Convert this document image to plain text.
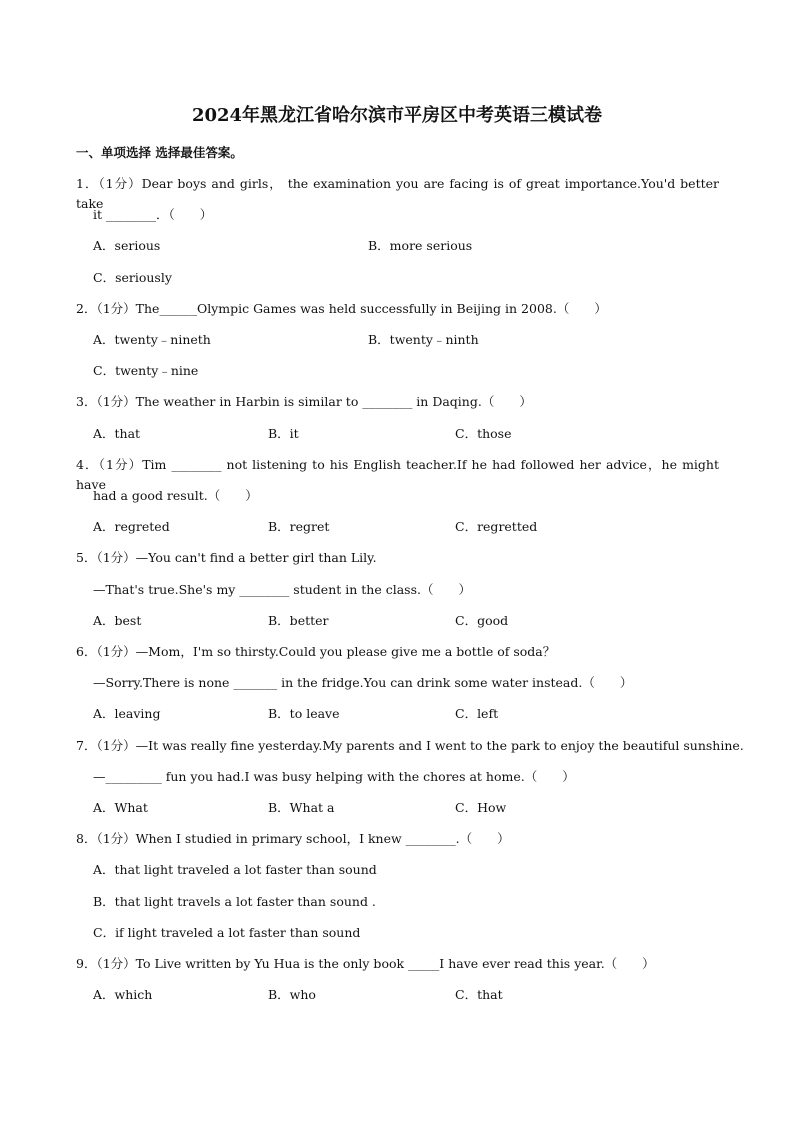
2024年黑龙江省哈尔滨市平房区中考英语三模试卷
一、单项选择 选择最佳答案。
1．（1分）Dear boys and girls， the examination you are facing is of great importance.You'd better take
it ________．（　　）
A．serious	B．more serious
C．seriously
2．（1分）The______Olympic Games was held successfully in Beijing in 2008.（　　）
A．twenty﹣nineth	B．twenty﹣ninth
C．twenty﹣nine
3．（1分）The weather in Harbin is similar to ________ in Daqing.（　　）
A．that	B．it	C．those
4．（1分）Tim ________ not listening to his English teacher.If he had followed her advice，he might have
had a good result.（　　）
A．regreted	B．regret	C．regretted
5．（1分）—You can't find a better girl than Lily.
—That's true.She's my ________ student in the class.（　　）
A．best	B．better	C．good
6．（1分）—Mom，I'm so thirsty.Could you please give me a bottle of soda？
—Sorry.There is none _______ in the fridge.You can drink some water instead.（　　）
A．leaving	B．to leave	C．left
7．（1分）—It was really fine yesterday.My parents and I went to the park to enjoy the beautiful sunshine.
—_________ fun you had.I was busy helping with the chores at home.（　　）
A．What	B．What a	C．How
8．（1分）When I studied in primary school，I knew ________.（　　）
A．that light traveled a lot faster than sound
B．that light travels a lot faster than sound .
C．if light traveled a lot faster than sound
9．（1分）To Live written by Yu Hua is the only book _____I have ever read this year.（　　）
A．which	B．who	C．that
